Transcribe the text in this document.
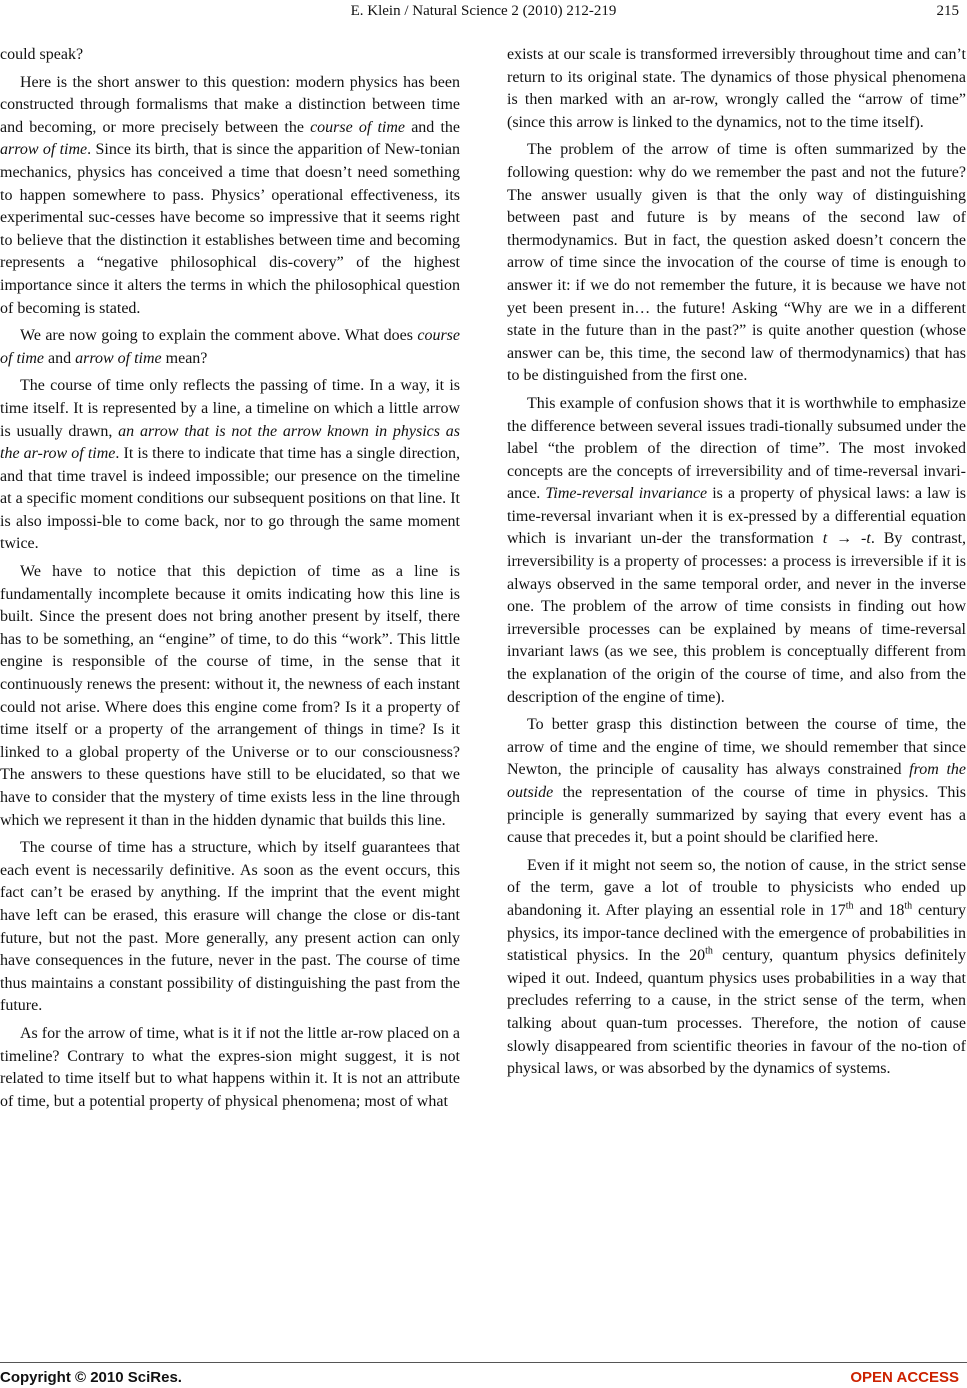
E. Klein / Natural Science 2 (2010) 212-219	215

could speak?

Here is the short answer to this question: modern physics has been constructed through formalisms that make a distinction between time and becoming, or more precisely between the course of time and the arrow of time. Since its birth, that is since the apparition of New-tonian mechanics, physics has conceived a time that doesn’t need something to happen somewhere to pass. Physics’ operational effectiveness, its experimental suc-cesses have become so impressive that it seems right to believe that the distinction it establishes between time and becoming represents a “negative philosophical dis-covery” of the highest importance since it alters the terms in which the philosophical question of becoming is stated.

We are now going to explain the comment above. What does course of time and arrow of time mean?

The course of time only reflects the passing of time. In a way, it is time itself. It is represented by a line, a timeline on which a little arrow is usually drawn, an arrow that is not the arrow known in physics as the ar-row of time. It is there to indicate that time has a single direction, and that time travel is indeed impossible; our presence on the timeline at a specific moment conditions our subsequent positions on that line. It is also impossi-ble to come back, nor to go through the same moment twice.

We have to notice that this depiction of time as a line is fundamentally incomplete because it omits indicating how this line is built. Since the present does not bring another present by itself, there has to be something, an “engine” of time, to do this “work”. This little engine is responsible of the course of time, in the sense that it continuously renews the present: without it, the newness of each instant could not arise. Where does this engine come from? Is it a property of time itself or a property of the arrangement of things in time? Is it linked to a global property of the Universe or to our consciousness? The answers to these questions have still to be elucidated, so that we have to consider that the mystery of time exists less in the line through which we represent it than in the hidden dynamic that builds this line.

The course of time has a structure, which by itself guarantees that each event is necessarily definitive. As soon as the event occurs, this fact can’t be erased by anything. If the imprint that the event might have left can be erased, this erasure will change the close or dis-tant future, but not the past. More generally, any present action can only have consequences in the future, never in the past. The course of time thus maintains a constant possibility of distinguishing the past from the future.

As for the arrow of time, what is it if not the little ar-row placed on a timeline? Contrary to what the expres-sion might suggest, it is not related to time itself but to what happens within it. It is not an attribute of time, but a potential property of physical phenomena; most of what

exists at our scale is transformed irreversibly throughout time and can’t return to its original state. The dynamics of those physical phenomena is then marked with an ar-row, wrongly called the “arrow of time” (since this arrow is linked to the dynamics, not to the time itself).

The problem of the arrow of time is often summarized by the following question: why do we remember the past and not the future? The answer usually given is that the only way of distinguishing between past and future is by means of the second law of thermodynamics. But in fact, the question asked doesn’t concern the arrow of time since the invocation of the course of time is enough to answer it: if we do not remember the future, it is because we have not yet been present in… the future! Asking “Why are we in a different state in the future than in the past?” is quite another question (whose answer can be, this time, the second law of thermodynamics) that has to be distinguished from the first one.

This example of confusion shows that it is worthwhile to emphasize the difference between several issues tradi-tionally subsumed under the label “the problem of the direction of time”. The most invoked concepts are the concepts of irreversibility and of time-reversal invari-ance. Time-reversal invariance is a property of physical laws: a law is time-reversal invariant when it is ex-pressed by a differential equation which is invariant un-der the transformation t → -t. By contrast, irreversibility is a property of processes: a process is irreversible if it is always observed in the same temporal order, and never in the inverse one. The problem of the arrow of time consists in finding out how irreversible processes can be explained by means of time-reversal invariant laws (as we see, this problem is conceptually different from the explanation of the origin of the course of time, and also from the description of the engine of time).

To better grasp this distinction between the course of time, the arrow of time and the engine of time, we should remember that since Newton, the principle of causality has always constrained from the outside the representation of the course of time in physics. This principle is generally summarized by saying that every event has a cause that precedes it, but a point should be clarified here.

Even if it might not seem so, the notion of cause, in the strict sense of the term, gave a lot of trouble to physicists who ended up abandoning it. After playing an essential role in 17th and 18th century physics, its impor-tance declined with the emergence of probabilities in statistical physics. In the 20th century, quantum physics definitely wiped it out. Indeed, quantum physics uses probabilities in a way that precludes referring to a cause, in the strict sense of the term, when talking about quan-tum processes. Therefore, the notion of cause slowly disappeared from scientific theories in favour of the no-tion of physical laws, or was absorbed by the dynamics of systems.

Copyright © 2010 SciRes.	OPEN ACCESS
